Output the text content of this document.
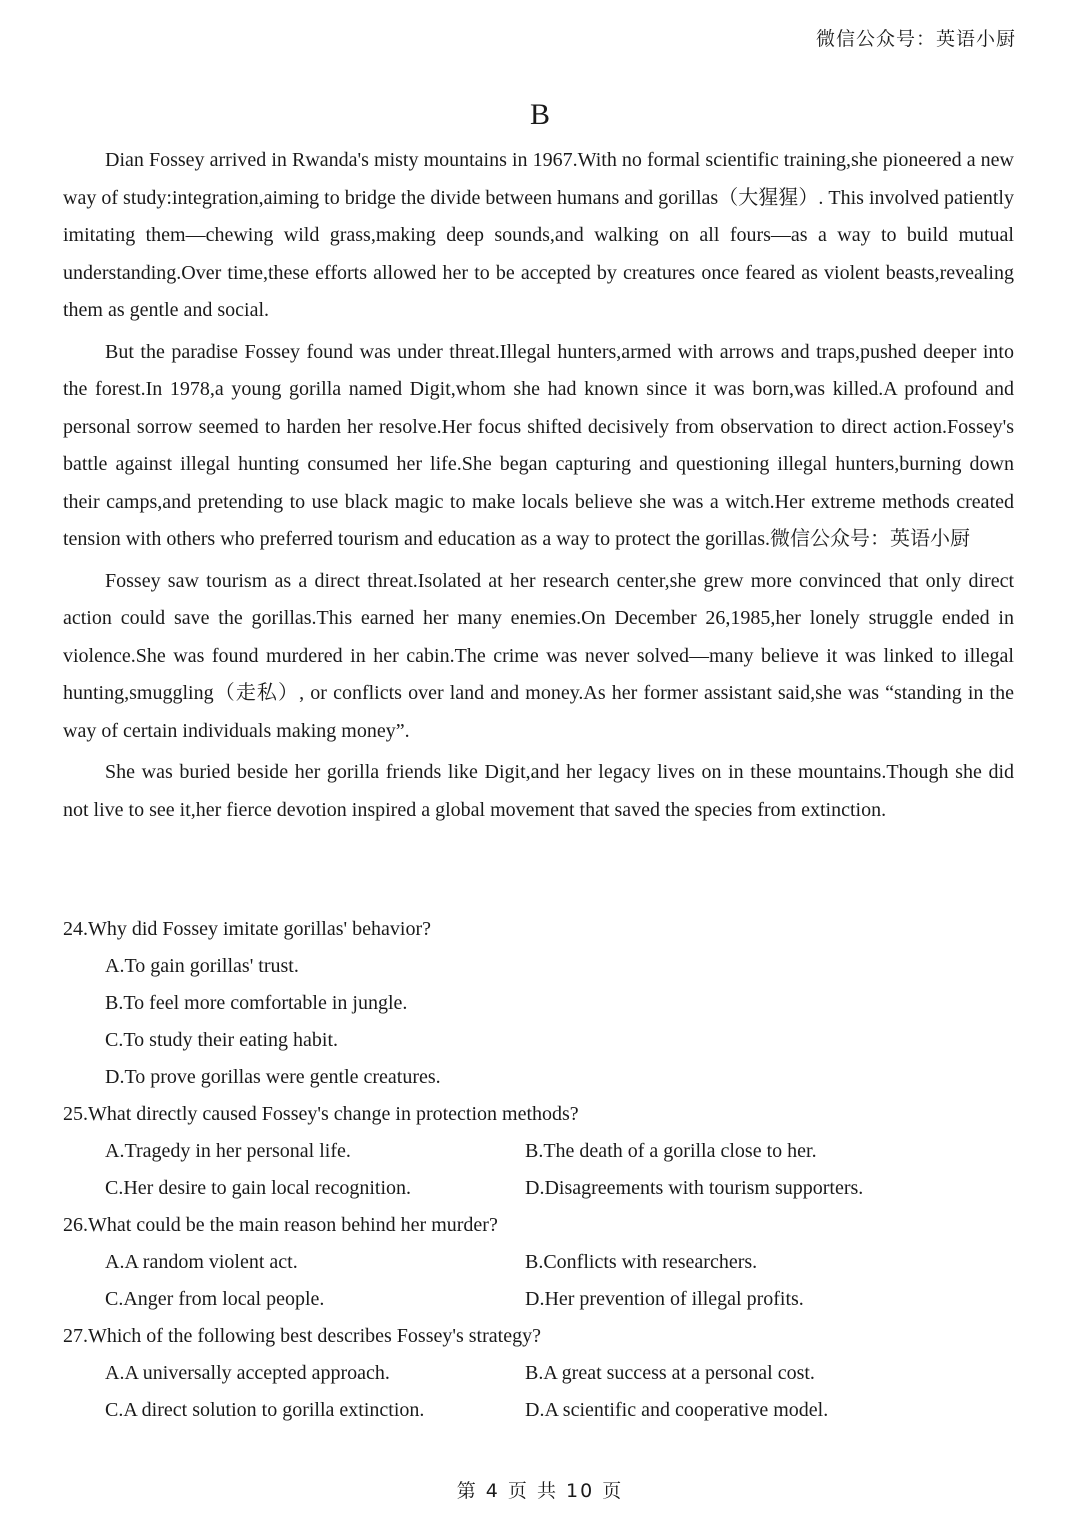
微信公众号：英语小厨
B

Dian Fossey arrived in Rwanda's misty mountains in 1967.With no formal scientific training,she pioneered a new way of study:integration,aiming to bridge the divide between humans and gorillas（大猩猩）. This involved patiently imitating them—chewing wild grass,making deep sounds,and walking on all fours—as a way to build mutual understanding.Over time,these efforts allowed her to be accepted by creatures once feared as violent beasts,revealing them as gentle and social.

But the paradise Fossey found was under threat.Illegal hunters,armed with arrows and traps,pushed deeper into the forest.In 1978,a young gorilla named Digit,whom she had known since it was born,was killed.A profound and personal sorrow seemed to harden her resolve.Her focus shifted decisively from observation to direct action.Fossey's battle against illegal hunting consumed her life.She began capturing and questioning illegal hunters,burning down their camps,and pretending to use black magic to make locals believe she was a witch.Her extreme methods created tension with others who preferred tourism and education as a way to protect the gorillas.微信公众号：英语小厨

Fossey saw tourism as a direct threat.Isolated at her research center,she grew more convinced that only direct action could save the gorillas.This earned her many enemies.On December 26,1985,her lonely struggle ended in violence.She was found murdered in her cabin.The crime was never solved—many believe it was linked to illegal hunting,smuggling（走私）, or conflicts over land and money.As her former assistant said,she was “standing in the way of certain individuals making money”.

She was buried beside her gorilla friends like Digit,and her legacy lives on in these mountains.Though she did not live to see it,her fierce devotion inspired a global movement that saved the species from extinction.

24.Why did Fossey imitate gorillas' behavior?
A.To gain gorillas' trust.
B.To feel more comfortable in jungle.
C.To study their eating habit.
D.To prove gorillas were gentle creatures.
25.What directly caused Fossey's change in protection methods?
A.Tragedy in her personal life.	B.The death of a gorilla close to her.
C.Her desire to gain local recognition.	D.Disagreements with tourism supporters.
26.What could be the main reason behind her murder?
A.A random violent act.	B.Conflicts with researchers.
C.Anger from local people.	D.Her prevention of illegal profits.
27.Which of the following best describes Fossey's strategy?
A.A universally accepted approach.	B.A great success at a personal cost.
C.A direct solution to gorilla extinction.	D.A scientific and cooperative model.
第 4 页 共 10 页
